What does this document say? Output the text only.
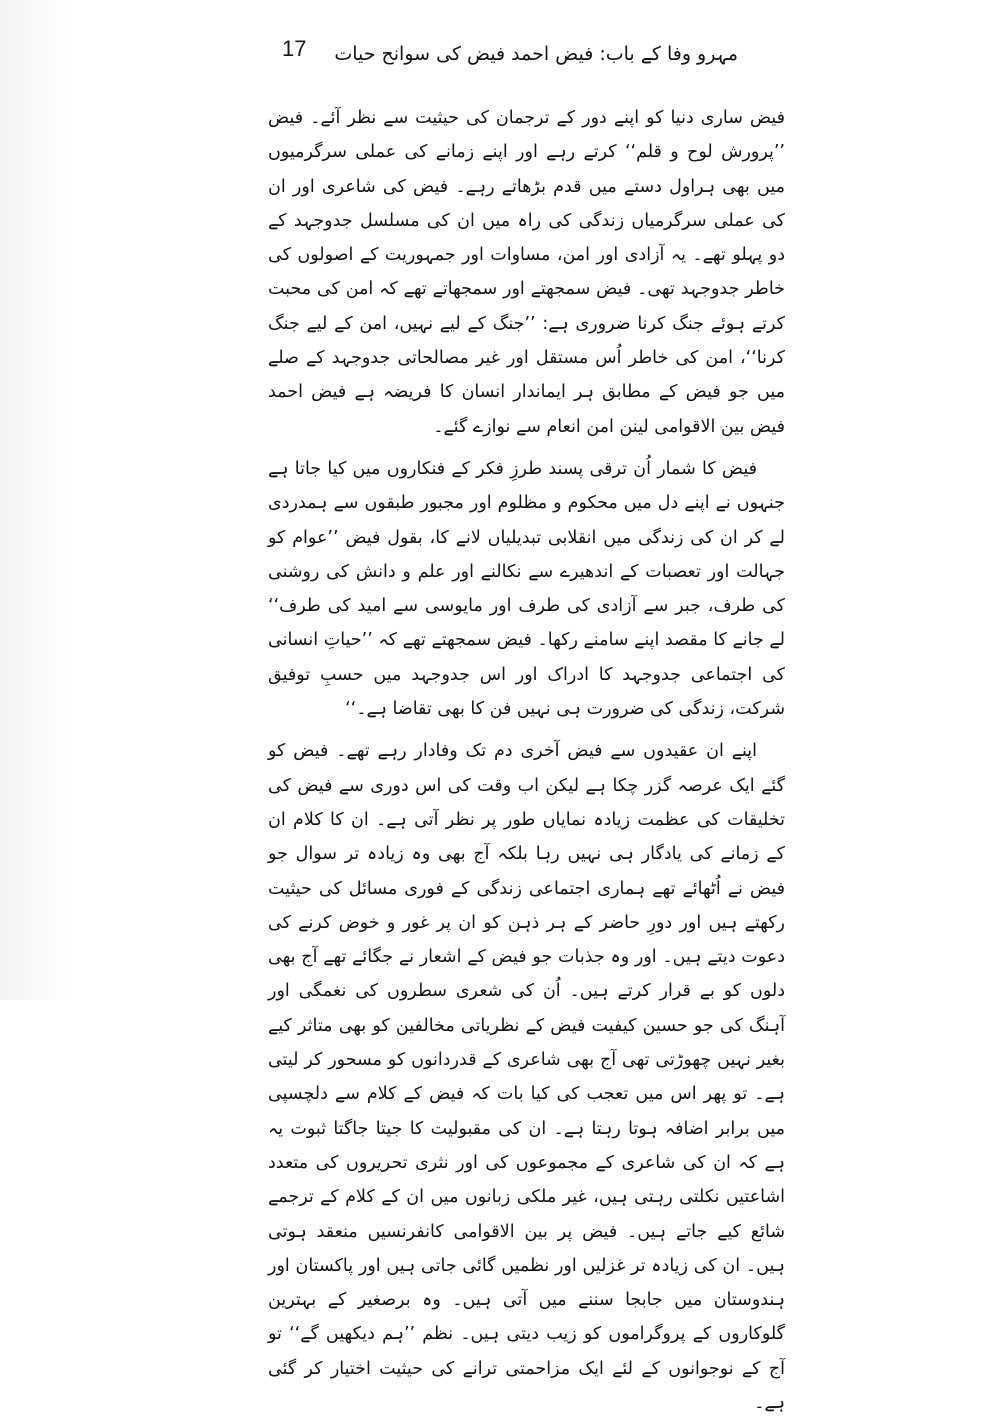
17 مہرو وفا کے باب: فیض احمد فیض کی سوانح حیات

فیض ساری دنیا کو اپنے دور کے ترجمان کی حیثیت سے نظر آئے۔ فیض ’’پرورش لوح و قلم‘‘ کرتے رہے اور اپنے زمانے کی عملی سرگرمیوں میں بھی ہراول دستے میں قدم بڑھاتے رہے۔ فیض کی شاعری اور ان کی عملی سرگرمیاں زندگی کی راہ میں ان کی مسلسل جدوجہد کے دو پہلو تھے۔ یہ آزادی اور امن، مساوات اور جمہوریت کے اصولوں کی خاطر جدوجہد تھی۔ فیض سمجھتے اور سمجھاتے تھے کہ امن کی محبت کرتے ہوئے جنگ کرنا ضروری ہے: ’’جنگ کے لیے نہیں، امن کے لیے جنگ کرنا‘‘، امن کی خاطر اُس مستقل اور غیر مصالحاتی جدوجہد کے صلے میں جو فیض کے مطابق ہر ایماندار انسان کا فریضہ ہے فیض احمد فیض بین الاقوامی لینن امن انعام سے نوازے گئے۔

فیض کا شمار اُن ترقی پسند طرزِ فکر کے فنکاروں میں کیا جاتا ہے جنہوں نے اپنے دل میں محکوم و مظلوم اور مجبور طبقوں سے ہمدردی لے کر ان کی زندگی میں انقلابی تبدیلیاں لانے کا، بقول فیض ’’عوام کو جہالت اور تعصبات کے اندھیرے سے نکالنے اور علم و دانش کی روشنی کی طرف، جبر سے آزادی کی طرف اور مایوسی سے امید کی طرف‘‘ لے جانے کا مقصد اپنے سامنے رکھا۔ فیض سمجھتے تھے کہ ’’حیاتِ انسانی کی اجتماعی جدوجہد کا ادراک اور اس جدوجہد میں حسبِ توفیق شرکت، زندگی کی ضرورت ہی نہیں فن کا بھی تقاضا ہے۔‘‘

اپنے ان عقیدوں سے فیض آخری دم تک وفادار رہے تھے۔ فیض کو گئے ایک عرصہ گزر چکا ہے لیکن اب وقت کی اس دوری سے فیض کی تخلیقات کی عظمت زیادہ نمایاں طور پر نظر آتی ہے۔ ان کا کلام ان کے زمانے کی یادگار ہی نہیں رہا بلکہ آج بھی وہ زیادہ تر سوال جو فیض نے اُٹھائے تھے ہماری اجتماعی زندگی کے فوری مسائل کی حیثیت رکھتے ہیں اور دورِ حاضر کے ہر ذہن کو ان پر غور و خوض کرنے کی دعوت دیتے ہیں۔ اور وہ جذبات جو فیض کے اشعار نے جگائے تھے آج بھی دلوں کو بے قرار کرتے ہیں۔ اُن کی شعری سطروں کی نغمگی اور آہنگ کی جو حسین کیفیت فیض کے نظریاتی مخالفین کو بھی متاثر کیے بغیر نہیں چھوڑتی تھی آج بھی شاعری کے قدردانوں کو مسحور کر لیتی ہے۔ تو پھر اس میں تعجب کی کیا بات کہ فیض کے کلام سے دلچسپی میں برابر اضافہ ہوتا رہتا ہے۔ ان کی مقبولیت کا جیتا جاگتا ثبوت یہ ہے کہ ان کی شاعری کے مجموعوں کی اور نثری تحریروں کی متعدد اشاعتیں نکلتی رہتی ہیں، غیر ملکی زبانوں میں ان کے کلام کے ترجمے شائع کیے جاتے ہیں۔ فیض پر بین الاقوامی کانفرنسیں منعقد ہوتی ہیں۔ ان کی زیادہ تر غزلیں اور نظمیں گائی جاتی ہیں اور پاکستان اور ہندوستان میں جابجا سننے میں آتی ہیں۔ وہ برصغیر کے بہترین گلوکاروں کے پروگراموں کو زیب دیتی ہیں۔ نظم ’’ہم دیکھیں گے‘‘ تو آج کے نوجوانوں کے لئے ایک مزاحمتی ترانے کی حیثیت اختیار کر گئی ہے۔
